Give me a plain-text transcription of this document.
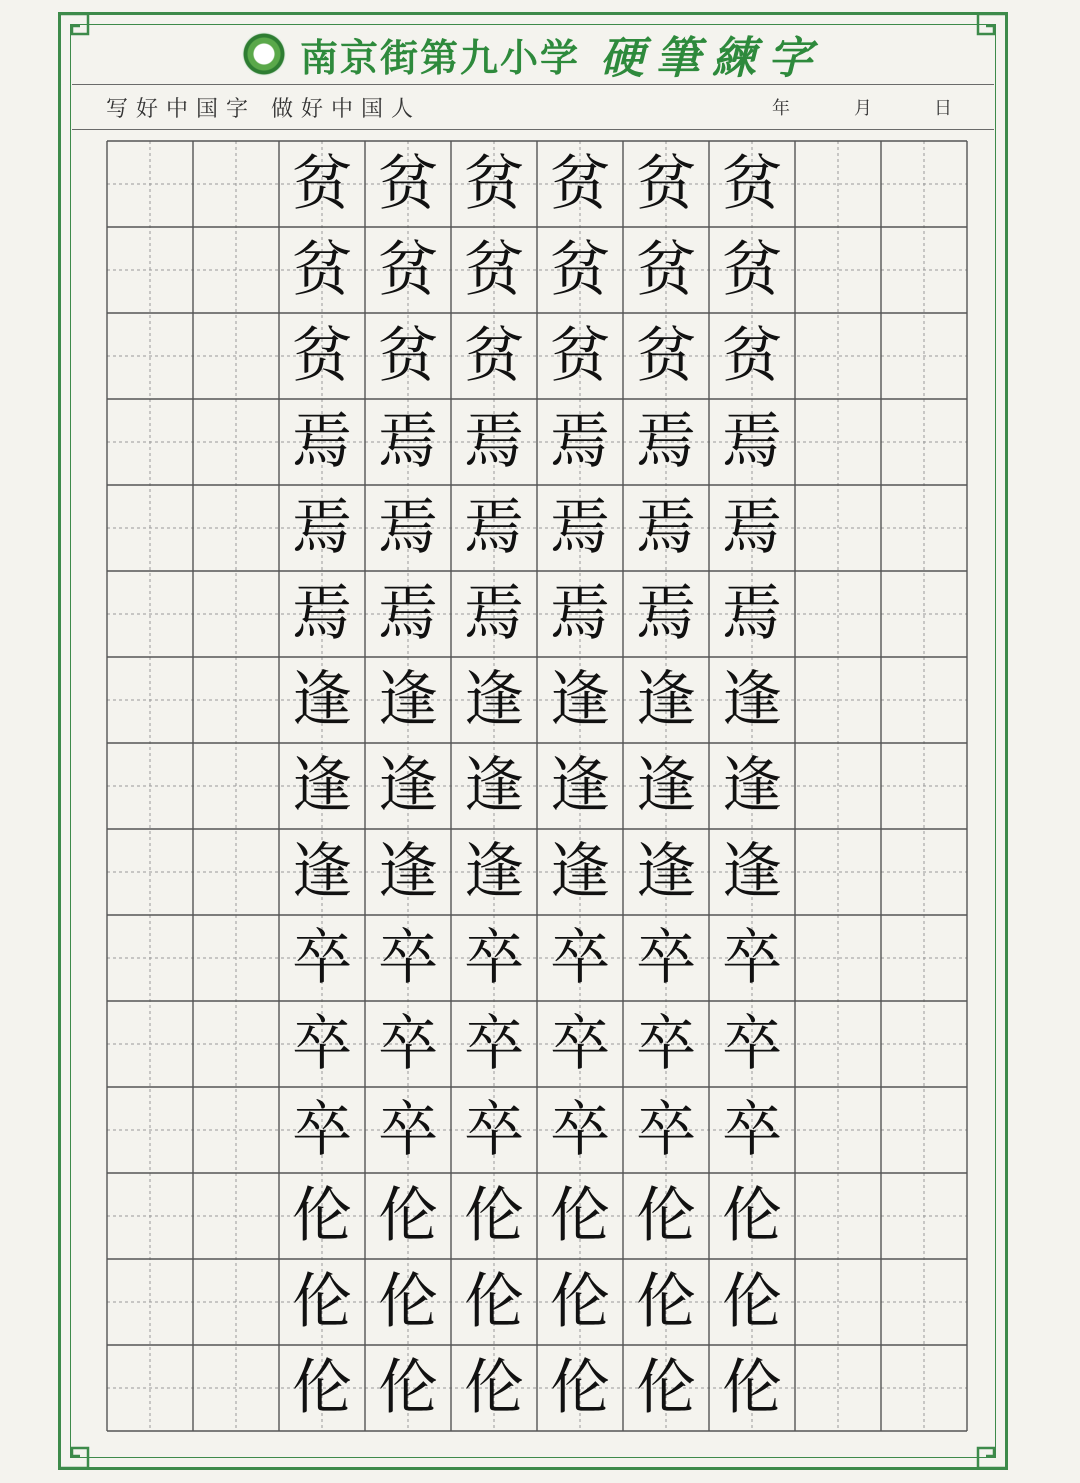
南京街第九小学 硬筆練字
写好中国字 做好中国人	年	月	日
贫 贫 贫 贫 贫 贫
贫 贫 贫 贫 贫 贫
贫 贫 贫 贫 贫 贫
焉 焉 焉 焉 焉 焉
焉 焉 焉 焉 焉 焉
焉 焉 焉 焉 焉 焉
逢 逢 逢 逢 逢 逢
逢 逢 逢 逢 逢 逢
逢 逢 逢 逢 逢 逢
卒 卒 卒 卒 卒 卒
卒 卒 卒 卒 卒 卒
卒 卒 卒 卒 卒 卒
伦 伦 伦 伦 伦 伦
伦 伦 伦 伦 伦 伦
伦 伦 伦 伦 伦 伦
